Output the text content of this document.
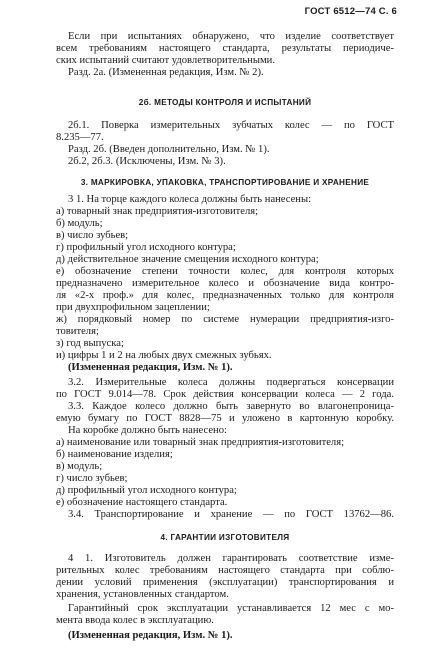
ГОСТ 6512—74 С. 6
Если при испытаниях обнаружено, что изделие соответствует
всем требованиям настоящего стандарта, результаты периодиче-
ских испытаний считают удовлетворительными.
Разд. 2а. (Измененная редакция, Изм. № 2).
2б. МЕТОДЫ КОНТРОЛЯ И ИСПЫТАНИЙ
2б.1. Поверка измерительных зубчатых колес — по ГОСТ
8.235—77.
Разд. 2б. (Введен дополнительно, Изм. № 1).
2б.2, 2б.3. (Исключены, Изм. № 3).
3. МАРКИРОВКА, УПАКОВКА, ТРАНСПОРТИРОВАНИЕ И ХРАНЕНИЕ
3 1. На торце каждого колеса должны быть нанесены:
а) товарный знак предприятия-изготовителя;
б) модуль;
в) число зубьев;
г) профильный угол исходного контура;
д) действительное значение смещения исходного контура;
е) обозначение степени точности колес, для контроля которых
предназначено измерительное колесо и обозначение вида контро-
ля «2-х проф.» для колес, предназначенных только для контроля
при двухпрофильном зацеплении;
ж) порядковый номер по системе нумерации предприятия-изго-
товителя;
з) год выпуска;
и) цифры 1 и 2 на любых двух смежных зубьях.
(Измененная редакция, Изм. № 1).
3.2. Измерительные колеса должны подвергаться консервации
по ГОСТ 9.014—78. Срок действия консервации колеса — 2 года.
3.3. Каждое колесо должно быть завернуто во влагонепроница-
емую бумагу по ГОСТ 8828—75 и уложено в картонную коробку.
На коробке должно быть нанесено:
а) наименование или товарный знак предприятия-изготовителя;
б) наименование изделия;
в) модуль;
г) число зубьев;
д) профильный угол исходного контура;
е) обозначение настоящего стандарта.
3.4. Транспортирование и хранение — по ГОСТ 13762—86.
4. ГАРАНТИИ ИЗГОТОВИТЕЛЯ
4 1. Изготовитель должен гарантировать соответствие изме-
рительных колес требованиям настоящего стандарта при соблю-
дении условий применения (эксплуатации) транспортирования и
хранения, установленных стандартом.
Гарантийный срок эксплуатации устанавливается 12 мес с мо-
мента ввода колес в эксплуатацию.
(Измененная редакция, Изм. № 1).
